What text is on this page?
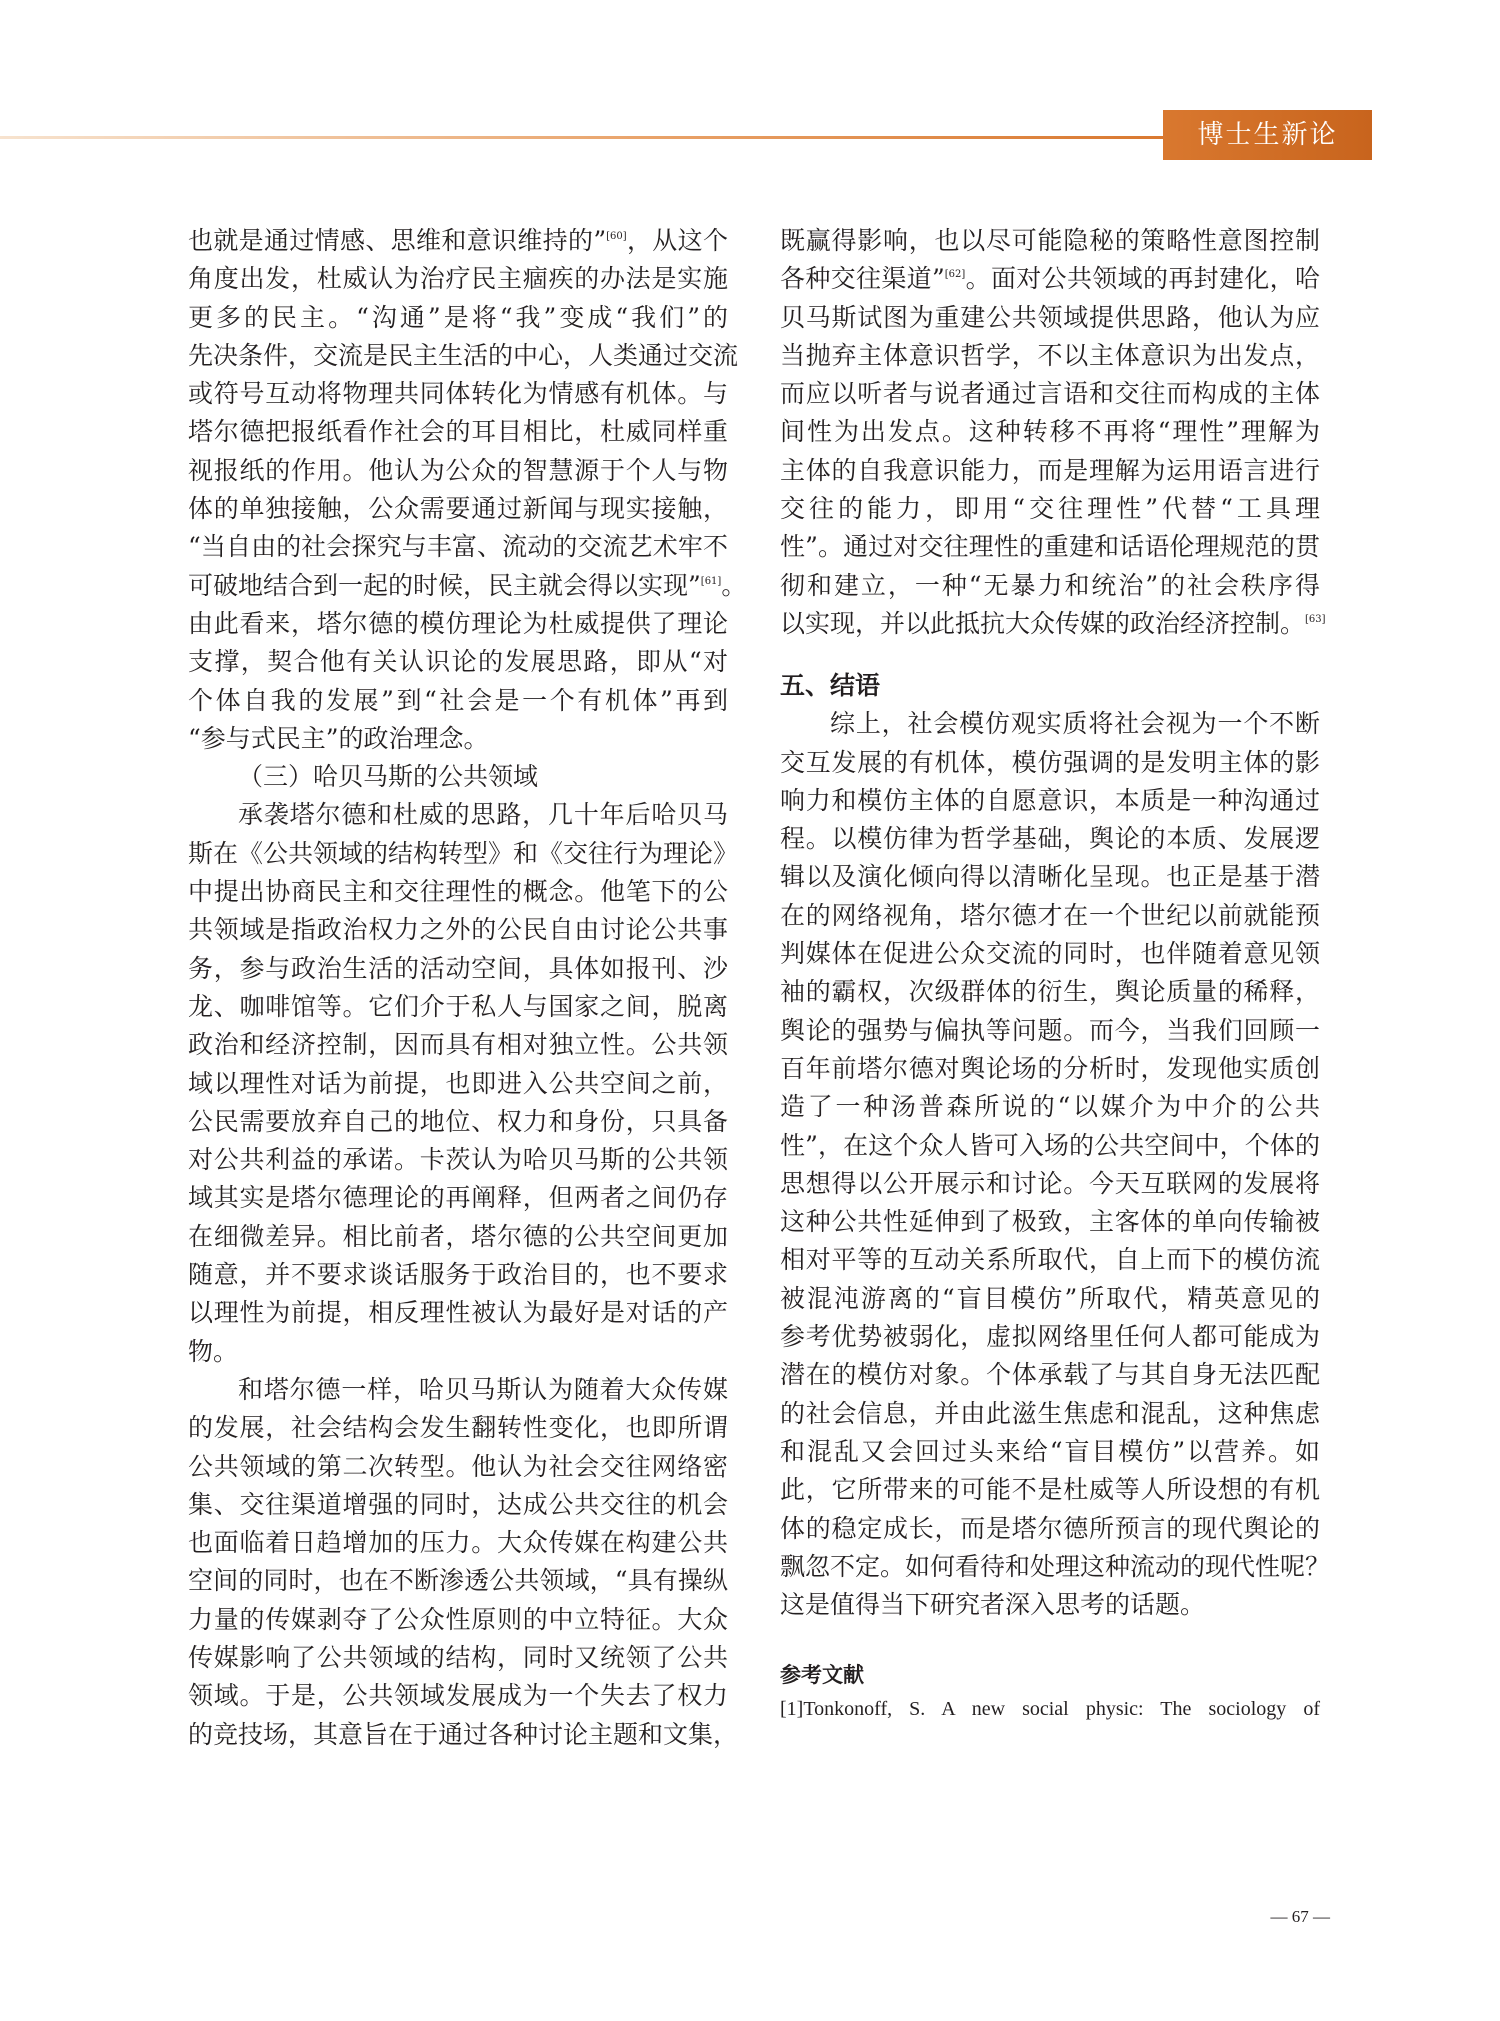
博士生新论
也就是通过情感、思维和意识维持的”[60]，从这个
角度出发，杜威认为治疗民主痼疾的办法是实施
更多的民主。“沟通”是将“我”变成“我们”的
先决条件，交流是民主生活的中心，人类通过交流
或符号互动将物理共同体转化为情感有机体。与
塔尔德把报纸看作社会的耳目相比，杜威同样重
视报纸的作用。他认为公众的智慧源于个人与物
体的单独接触，公众需要通过新闻与现实接触，
“当自由的社会探究与丰富、流动的交流艺术牢不
可破地结合到一起的时候，民主就会得以实现”[61]。
由此看来，塔尔德的模仿理论为杜威提供了理论
支撑，契合他有关认识论的发展思路，即从“对
个体自我的发展”到“社会是一个有机体”再到
“参与式民主”的政治理念。
（三）哈贝马斯的公共领域
承袭塔尔德和杜威的思路，几十年后哈贝马
斯在《公共领域的结构转型》和《交往行为理论》
中提出协商民主和交往理性的概念。他笔下的公
共领域是指政治权力之外的公民自由讨论公共事
务，参与政治生活的活动空间，具体如报刊、沙
龙、咖啡馆等。它们介于私人与国家之间，脱离
政治和经济控制，因而具有相对独立性。公共领
域以理性对话为前提，也即进入公共空间之前，
公民需要放弃自己的地位、权力和身份，只具备
对公共利益的承诺。卡茨认为哈贝马斯的公共领
域其实是塔尔德理论的再阐释，但两者之间仍存
在细微差异。相比前者，塔尔德的公共空间更加
随意，并不要求谈话服务于政治目的，也不要求
以理性为前提，相反理性被认为最好是对话的产
物。
和塔尔德一样，哈贝马斯认为随着大众传媒
的发展，社会结构会发生翻转性变化，也即所谓
公共领域的第二次转型。他认为社会交往网络密
集、交往渠道增强的同时，达成公共交往的机会
也面临着日趋增加的压力。大众传媒在构建公共
空间的同时，也在不断渗透公共领域，“具有操纵
力量的传媒剥夺了公众性原则的中立特征。大众
传媒影响了公共领域的结构，同时又统领了公共
领域。于是，公共领域发展成为一个失去了权力
的竞技场，其意旨在于通过各种讨论主题和文集，
既赢得影响，也以尽可能隐秘的策略性意图控制
各种交往渠道”[62]。面对公共领域的再封建化，哈
贝马斯试图为重建公共领域提供思路，他认为应
当抛弃主体意识哲学，不以主体意识为出发点，
而应以听者与说者通过言语和交往而构成的主体
间性为出发点。这种转移不再将“理性”理解为
主体的自我意识能力，而是理解为运用语言进行
交往的能力，即用“交往理性”代替“工具理
性”。通过对交往理性的重建和话语伦理规范的贯
彻和建立，一种“无暴力和统治”的社会秩序得
以实现，并以此抵抗大众传媒的政治经济控制。[63]
五、结语
综上，社会模仿观实质将社会视为一个不断
交互发展的有机体，模仿强调的是发明主体的影
响力和模仿主体的自愿意识，本质是一种沟通过
程。以模仿律为哲学基础，舆论的本质、发展逻
辑以及演化倾向得以清晰化呈现。也正是基于潜
在的网络视角，塔尔德才在一个世纪以前就能预
判媒体在促进公众交流的同时，也伴随着意见领
袖的霸权，次级群体的衍生，舆论质量的稀释，
舆论的强势与偏执等问题。而今，当我们回顾一
百年前塔尔德对舆论场的分析时，发现他实质创
造了一种汤普森所说的“以媒介为中介的公共
性”，在这个众人皆可入场的公共空间中，个体的
思想得以公开展示和讨论。今天互联网的发展将
这种公共性延伸到了极致，主客体的单向传输被
相对平等的互动关系所取代，自上而下的模仿流
被混沌游离的“盲目模仿”所取代，精英意见的
参考优势被弱化，虚拟网络里任何人都可能成为
潜在的模仿对象。个体承载了与其自身无法匹配
的社会信息，并由此滋生焦虑和混乱，这种焦虑
和混乱又会回过头来给“盲目模仿”以营养。如
此，它所带来的可能不是杜威等人所设想的有机
体的稳定成长，而是塔尔德所预言的现代舆论的
飘忽不定。如何看待和处理这种流动的现代性呢？
这是值得当下研究者深入思考的话题。
参考文献
[1]Tonkonoff, S. A new social physic: The sociology of
— 67 —
